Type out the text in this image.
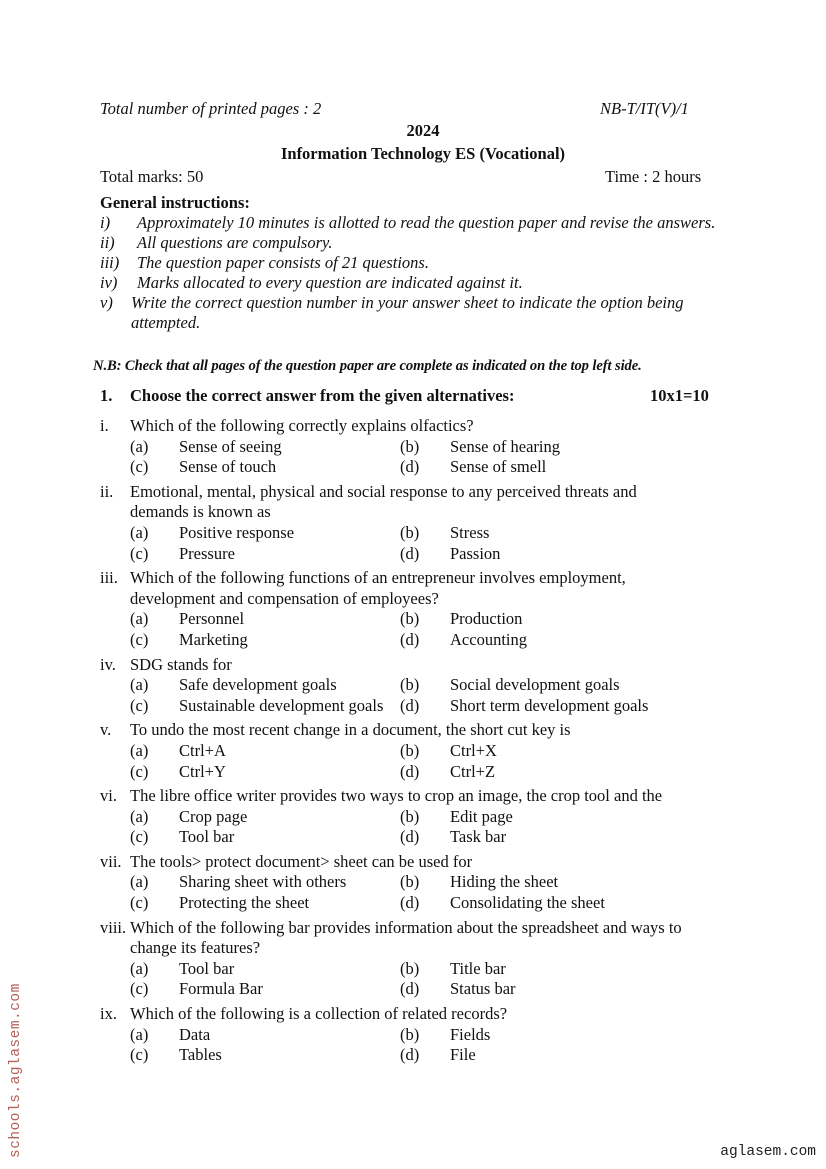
Total number of printed pages : 2	NB-T/IT(V)/1
2024
Information Technology ES (Vocational)
Total marks: 50	Time : 2 hours
General instructions:
i) Approximately 10 minutes is allotted to read the question paper and revise the answers.
ii) All questions are compulsory.
iii) The question paper consists of 21 questions.
iv) Marks allocated to every question are indicated against it.
v) Write the correct question number in your answer sheet to indicate the option being attempted.
N.B: Check that all pages of the question paper are complete as indicated on the top left side.
1. Choose the correct answer from the given alternatives:	10x1=10
i. Which of the following correctly explains olfactics?
(a) Sense of seeing	(b) Sense of hearing
(c) Sense of touch	(d) Sense of smell
ii. Emotional, mental, physical and social response to any perceived threats and
demands is known as
(a) Positive response	(b) Stress
(c) Pressure	(d) Passion
iii. Which of the following functions of an entrepreneur involves employment,
development and compensation of employees?
(a) Personnel	(b) Production
(c) Marketing	(d) Accounting
iv. SDG stands for
(a) Safe development goals	(b) Social development goals
(c) Sustainable development goals (d) Short term development goals
v. To undo the most recent change in a document, the short cut key is
(a) Ctrl+A	(b) Ctrl+X
(c) Ctrl+Y	(d) Ctrl+Z
vi. The libre office writer provides two ways to crop an image, the crop tool and the
(a) Crop page	(b) Edit page
(c) Tool bar	(d) Task bar
vii. The tools> protect document> sheet can be used for
(a) Sharing sheet with others	(b) Hiding the sheet
(c) Protecting the sheet	(d) Consolidating the sheet
viii. Which of the following bar provides information about the spreadsheet and ways to
change its features?
(a) Tool bar	(b) Title bar
(c) Formula Bar	(d) Status bar
ix. Which of the following is a collection of related records?
(a) Data	(b) Fields
(c) Tables	(d) File
schools.aglasem.com	aglasem.com
